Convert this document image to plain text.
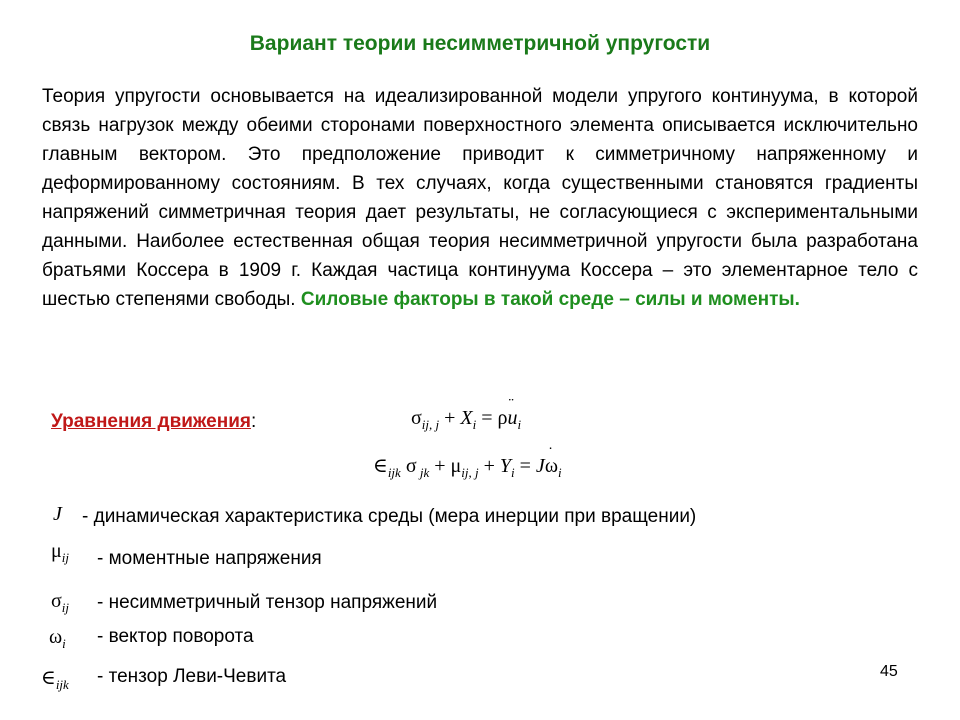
Вариант теории несимметричной упругости
Теория упругости основывается на идеализированной модели упругого континуума, в которой связь нагрузок между обеими сторонами поверхностного элемента описывается исключительно главным вектором. Это предположение приводит к симметричному напряженному и деформированному состояниям. В тех случаях, когда существенными становятся градиенты напряжений симметричная теория дает результаты, не согласующиеся с экспериментальными данными. Наиболее естественная общая теория несимметричной упругости была разработана братьями Коссера в 1909 г. Каждая частица континуума Коссера – это элементарное тело с шестью степенями свободы. Силовые факторы в такой среде – силы и моменты.
Уравнения движения:	$\sigma_{ij, j} + X_i$ = ρ¨ $u_i$
$\in_{ijk}$ σ $_{jk} + \mu_{ij, j} + Y_i$ = J˙ $\omega_i$
J - динамическая характеристика среды (мера инерции при вращении)
$\mu_{ij}$ - моментные напряжения
$\sigma_{ij}$ - несимметричный тензор напряжений
$\omega_i$ - вектор поворота
$\in_{ijk}$ - тензор Леви-Чевита	45
